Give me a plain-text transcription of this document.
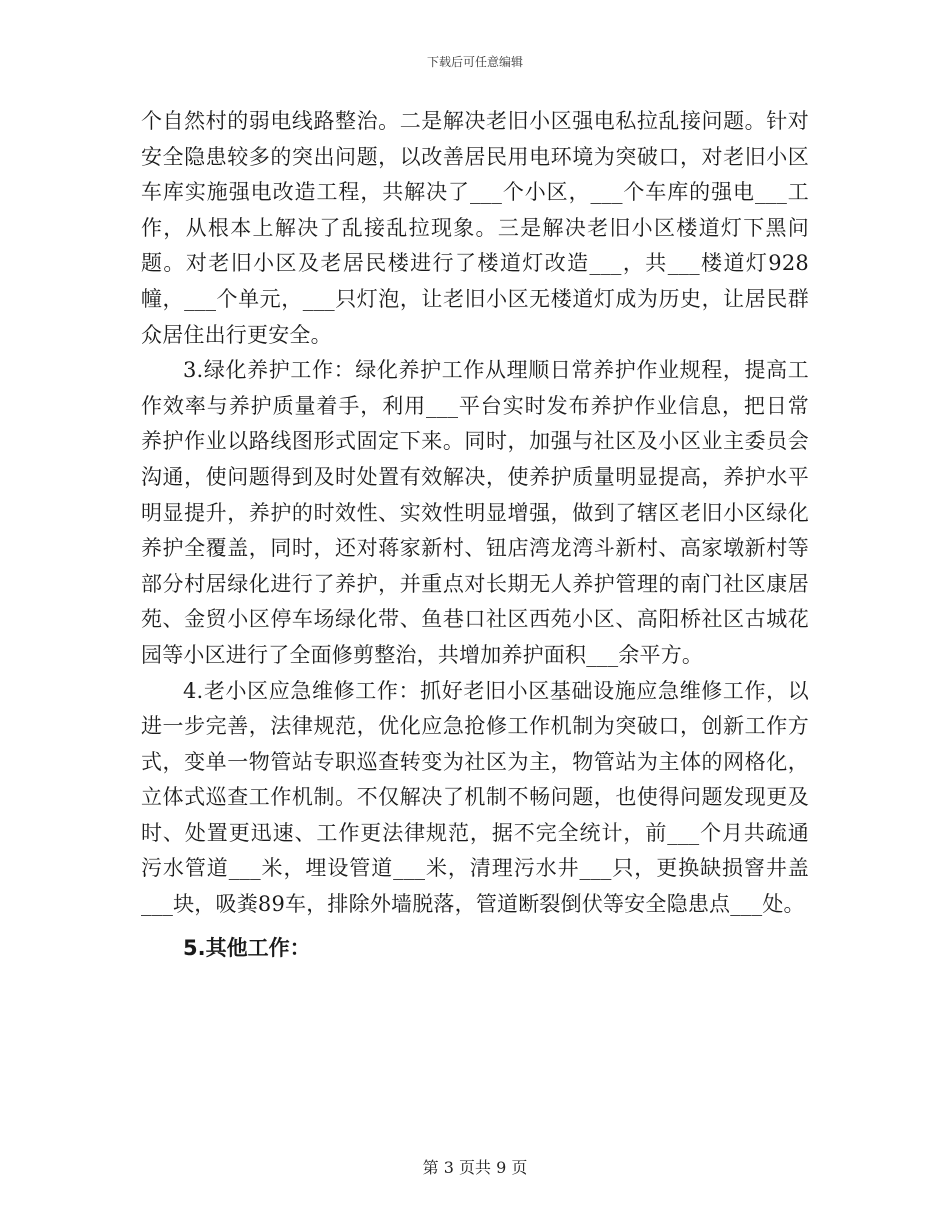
下载后可任意编辑

个自然村的弱电线路整治。二是解决老旧小区强电私拉乱接问题。针对安全隐患较多的突出问题，以改善居民用电环境为突破口，对老旧小区车库实施强电改造工程，共解决了___个小区，___个车库的强电___工作，从根本上解决了乱接乱拉现象。三是解决老旧小区楼道灯下黑问题。对老旧小区及老居民楼进行了楼道灯改造___，共___楼道灯928幢，___个单元，___只灯泡，让老旧小区无楼道灯成为历史，让居民群众居住出行更安全。

3.绿化养护工作：绿化养护工作从理顺日常养护作业规程，提高工作效率与养护质量着手，利用___平台实时发布养护作业信息，把日常养护作业以路线图形式固定下来。同时，加强与社区及小区业主委员会沟通，使问题得到及时处置有效解决，使养护质量明显提高，养护水平明显提升，养护的时效性、实效性明显增强，做到了辖区老旧小区绿化养护全覆盖，同时，还对蒋家新村、钮店湾龙湾斗新村、高家墩新村等部分村居绿化进行了养护，并重点对长期无人养护管理的南门社区康居苑、金贸小区停车场绿化带、鱼巷口社区西苑小区、高阳桥社区古城花园等小区进行了全面修剪整治，共增加养护面积___余平方。

4.老小区应急维修工作：抓好老旧小区基础设施应急维修工作，以进一步完善，法律规范，优化应急抢修工作机制为突破口，创新工作方式，变单一物管站专职巡查转变为社区为主，物管站为主体的网格化，立体式巡查工作机制。不仅解决了机制不畅问题，也使得问题发现更及时、处置更迅速、工作更法律规范，据不完全统计，前___个月共疏通污水管道___米，埋设管道___米，清理污水井___只，更换缺损窨井盖___块，吸粪89车，排除外墙脱落，管道断裂倒伏等安全隐患点___处。

5.其他工作：

第 3 页共 9 页
